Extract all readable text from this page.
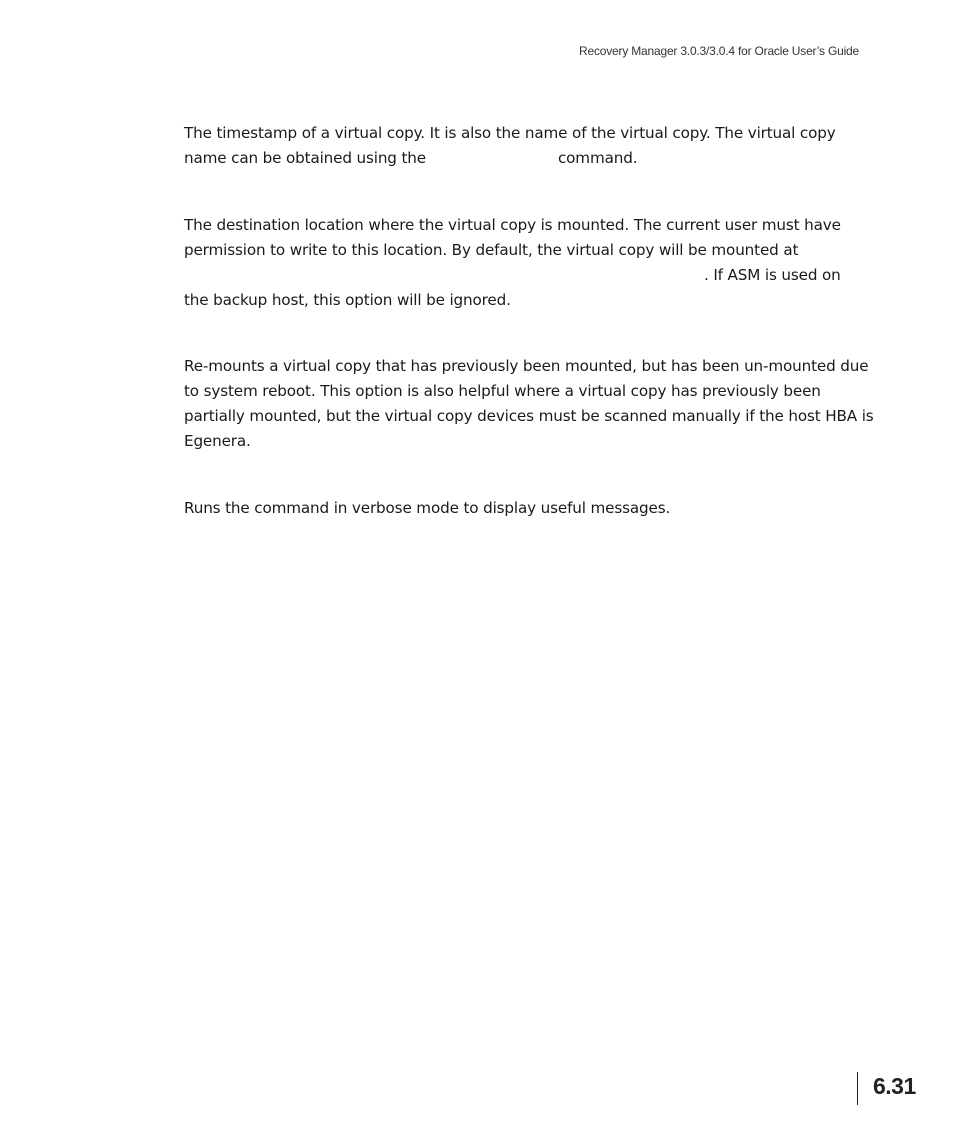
Recovery Manager 3.0.3/3.0.4 for Oracle User’s Guide

The timestamp of a virtual copy. It is also the name of the virtual copy. The virtual copy
name can be obtained using the	command.

The destination location where the virtual copy is mounted. The current user must have
permission to write to this location. By default, the virtual copy will be mounted at
. If ASM is used on
the backup host, this option will be ignored.

Re-mounts a virtual copy that has previously been mounted, but has been un-mounted due
to system reboot. This option is also helpful where a virtual copy has previously been
partially mounted, but the virtual copy devices must be scanned manually if the host HBA is
Egenera.

Runs the command in verbose mode to display useful messages.

6.31
